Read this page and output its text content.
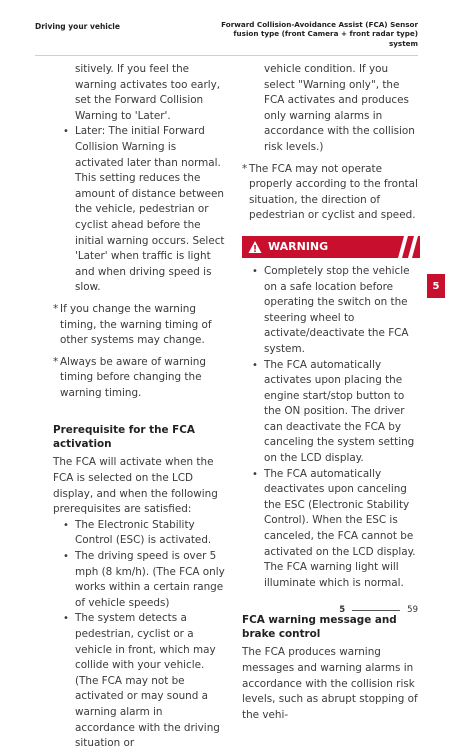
Driving your vehicle	Forward Collision-Avoidance Assist (FCA) Sensor fusion type (front Camera + front radar type) system
sitively. If you feel the warning activates too early, set the Forward Collision Warning to 'Later'.
• Later: The initial Forward Collision Warning is activated later than normal. This setting reduces the amount of distance between the vehicle, pedestrian or cyclist ahead before the initial warning occurs. Select 'Later' when traffic is light and when driving speed is slow.
* If you change the warning timing, the warning timing of other systems may change.
* Always be aware of warning timing before changing the warning timing.
Prerequisite for the FCA activation
The FCA will activate when the FCA is selected on the LCD display, and when the following prerequisites are satisfied:
• The Electronic Stability Control (ESC) is activated.
• The driving speed is over 5 mph (8 km/h). (The FCA only works within a certain range of vehicle speeds)
• The system detects a pedestrian, cyclist or a vehicle in front, which may collide with your vehicle. (The FCA may not be activated or may sound a warning alarm in accordance with the driving situation or
vehicle condition. If you select "Warning only", the FCA activates and produces only warning alarms in accordance with the collision risk levels.)
* The FCA may not operate properly according to the frontal situation, the direction of pedestrian or cyclist and speed.
WARNING
• Completely stop the vehicle on a safe location before operating the switch on the steering wheel to activate/deactivate the FCA system.
• The FCA automatically activates upon placing the engine start/stop button to the ON position. The driver can deactivate the FCA by canceling the system setting on the LCD display.
• The FCA automatically deactivates upon canceling the ESC (Electronic Stability Control). When the ESC is canceled, the FCA cannot be activated on the LCD display. The FCA warning light will illuminate which is normal.
FCA warning message and brake control
The FCA produces warning messages and warning alarms in accordance with the collision risk levels, such as abrupt stopping of the vehi-
5
5	59
